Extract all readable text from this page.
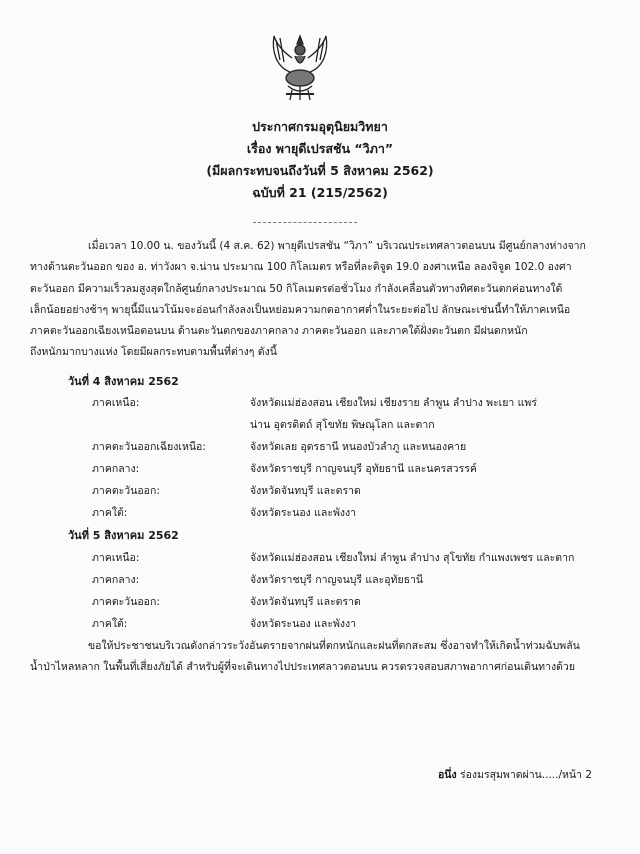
ประกาศกรมอุตุนิยมวิทยา
เรื่อง พายุดีเปรสชัน “วิภา”
(มีผลกระทบจนถึงวันที่ 5 สิงหาคม 2562)
ฉบับที่ 21 (215/2562)
เมื่อเวลา 10.00 น. ของวันนี้ (4 ส.ค. 62) พายุดีเปรสชัน “วิภา” บริเวณประเทศลาวตอนบน มีศูนย์กลางห่างจาก
ทางด้านตะวันออก ของ อ. ท่าวังผา จ.น่าน ประมาณ 100 กิโลเมตร หรือที่ละติจูด 19.0 องศาเหนือ ลองจิจูด 102.0 องศา
ตะวันออก มีความเร็วลมสูงสุดใกล้ศูนย์กลางประมาณ 50 กิโลเมตรต่อชั่วโมง กำลังเคลื่อนตัวทางทิศตะวันตกค่อนทางใต้
เล็กน้อยอย่างช้าๆ พายุนี้มีแนวโน้มจะอ่อนกำลังลงเป็นหย่อมความกดอากาศต่ำในระยะต่อไป ลักษณะเช่นนี้ทำให้ภาคเหนือ
ภาคตะวันออกเฉียงเหนือตอนบน ด้านตะวันตกของภาคกลาง ภาคตะวันออก และภาคใต้ฝั่งตะวันตก มีฝนตกหนัก
ถึงหนักมากบางแห่ง โดยมีผลกระทบตามพื้นที่ต่างๆ ดังนี้
วันที่ 4 สิงหาคม 2562
ภาคเหนือ:	จังหวัดแม่ฮ่องสอน เชียงใหม่ เชียงราย ลำพูน ลำปาง พะเยา แพร่
น่าน อุตรดิตถ์ สุโขทัย พิษณุโลก และตาก
ภาคตะวันออกเฉียงเหนือ:	จังหวัดเลย อุดรธานี หนองบัวลำภู และหนองคาย
ภาคกลาง:	จังหวัดราชบุรี กาญจนบุรี อุทัยธานี และนครสวรรค์
ภาคตะวันออก:	จังหวัดจันทบุรี และตราด
ภาคใต้:	จังหวัดระนอง และพังงา
วันที่ 5 สิงหาคม 2562
ภาคเหนือ:	จังหวัดแม่ฮ่องสอน เชียงใหม่ ลำพูน ลำปาง สุโขทัย กำแพงเพชร และตาก
ภาคกลาง:	จังหวัดราชบุรี กาญจนบุรี และอุทัยธานี
ภาคตะวันออก:	จังหวัดจันทบุรี และตราด
ภาคใต้:	จังหวัดระนอง และพังงา
ขอให้ประชาชนบริเวณดังกล่าวระวังอันตรายจากฝนที่ตกหนักและฝนที่ตกสะสม ซึ่งอาจทำให้เกิดน้ำท่วมฉับพลัน
น้ำป่าไหลหลาก ในพื้นที่เสี่ยงภัยได้ สำหรับผู้ที่จะเดินทางไปประเทศลาวตอนบน ควรตรวจสอบสภาพอากาศก่อนเดินทางด้วย
อนึ่ง ร่องมรสุมพาดผ่าน...../หน้า 2
